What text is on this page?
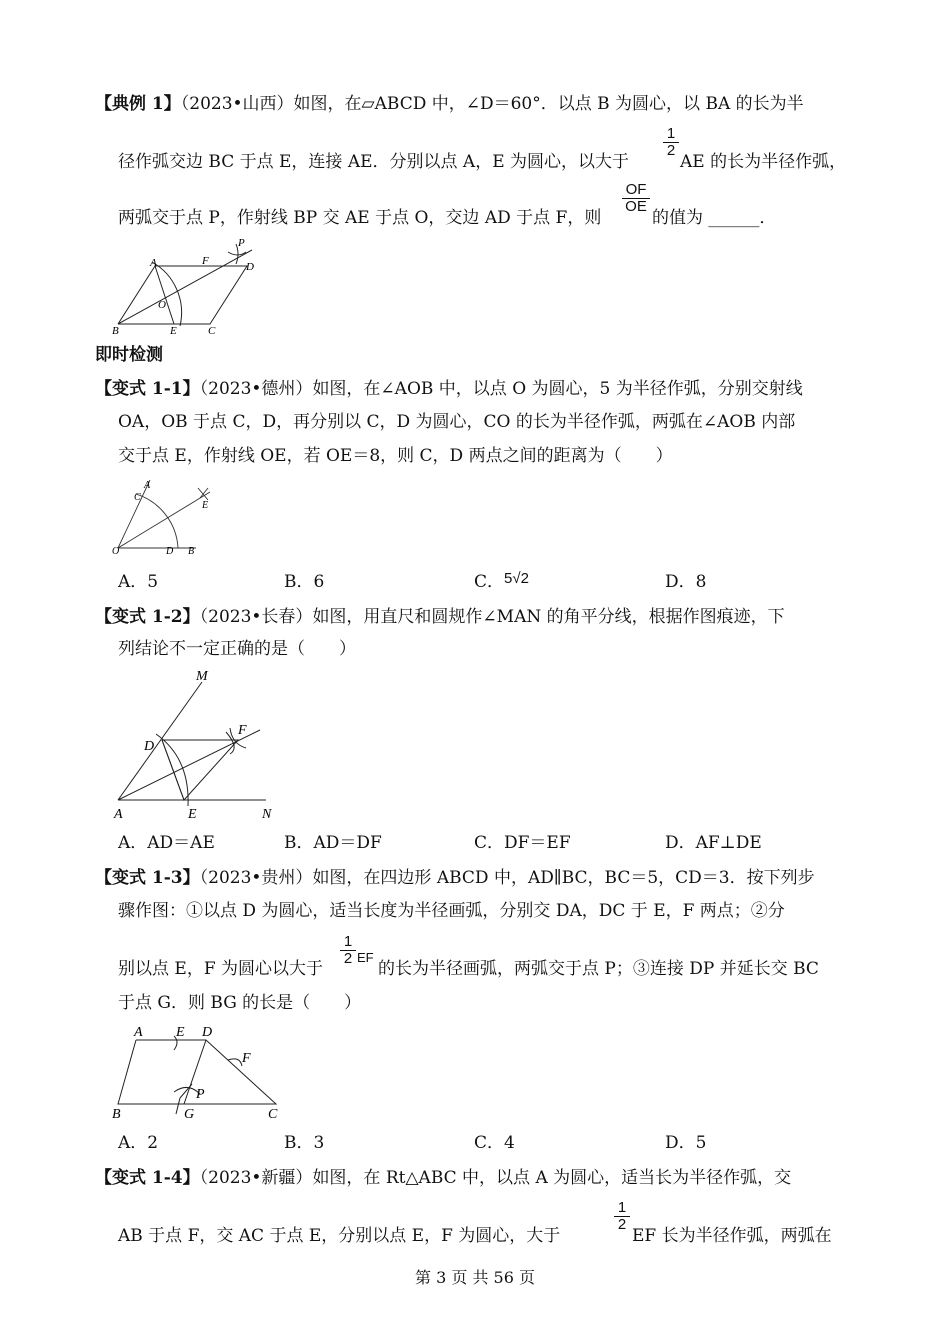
【典例 1】（2023•山西）如图，在▱ABCD 中，∠D＝60°．以点 B 为圆心，以 BA 的长为半
径作弧交边 BC 于点 E，连接 AE．分别以点 A，E 为圆心，以大于
$\frac{1}{2}$
AE 的长为半径作弧，
两弧交于点 P，作射线 BP 交 AE 于点 O，交边 AD 于点 F，则
$\frac{OF}{OE}$
的值为 ______．
A	F
P
D
O
B	E	C
即时检测
【变式 1-1】（2023•德州）如图，在∠AOB 中，以点 O 为圆心，5 为半径作弧，分别交射线
OA，OB 于点 C，D，再分别以 C，D 为圆心，CO 的长为半径作弧，两弧在∠AOB 内部
交于点 E，作射线 OE，若 OE＝8，则 C，D 两点之间的距离为（　　）
A
C
E
O	D B
A．5	B．6	C．5√2	D．8
【变式 1-2】（2023•长春）如图，用直尺和圆规作∠MAN 的角平分线，根据作图痕迹，下
列结论不一定正确的是（　　）
M
D
F
A	E	N
A．AD＝AE	B．AD＝DF	C．DF＝EF	D．AF⊥DE
【变式 1-3】（2023•贵州）如图，在四边形 ABCD 中，AD∥BC，BC＝5，CD＝3．按下列步
骤作图：①以点 D 为圆心，适当长度为半径画弧，分别交 DA，DC 于 E，F 两点；②分
别以点 E，F 为圆心以大于
$\frac{1}{2}$ EF
的长为半径画弧，两弧交于点 P；③连接 DP 并延长交 BC
于点 G．则 BG 的长是（　　）
A E D
F
P
B	G	C
A．2	B．3	C．4	D．5
【变式 1-4】（2023•新疆）如图，在 Rt△ABC 中，以点 A 为圆心，适当长为半径作弧，交
AB 于点 F，交 AC 于点 E，分别以点 E，F 为圆心，大于
$\frac{1}{2}$
EF 长为半径作弧，两弧在
第 3 页 共 56 页
